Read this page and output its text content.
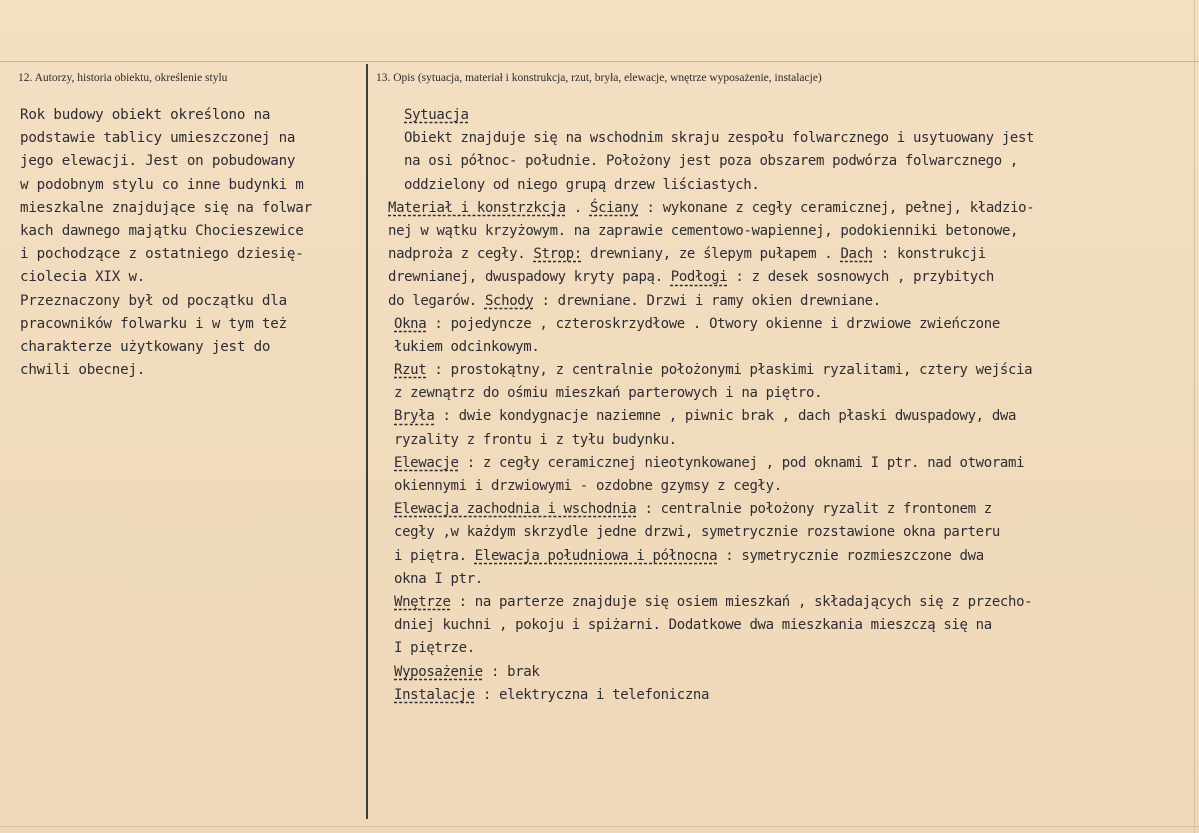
12. Autorzy, historia obiektu, określenie stylu	13. Opis (sytuacja, materiał i konstrukcja, rzut, bryła, elewacje, wnętrze wyposażenie, instalacje)
Rok budowy obiekt określono na
podstawie tablicy umieszczonej na
jego elewacji. Jest on pobudowany
w podobnym stylu co inne budynki m
mieszkalne znajdujące się na folwar
kach dawnego majątku Chocieszewice
i pochodzące z ostatniego dziesię-
ciolecia XIX w.
Przeznaczony był od początku dla
pracowników folwarku i w tym też
charakterze użytkowany jest do
chwili obecnej.
Sytuacja
Obiekt znajduje się na wschodnim skraju zespołu folwarcznego i usytuowany jest
na osi północ- południe. Położony jest poza obszarem podwórza folwarcznego ,
oddzielony od niego grupą drzew liściastych.
Materiał i konstrzkcja . Ściany : wykonane z cegły ceramicznej, pełnej, kładzio-
nej w wątku krzyżowym. na zaprawie cementowo-wapiennej, podokienniki betonowe,
nadproża z cegły. Strop: drewniany, ze ślepym pułapem . Dach : konstrukcji
drewnianej, dwuspadowy kryty papą. Podłogi : z desek sosnowych , przybitych
do legarów. Schody : drewniane. Drzwi i ramy okien drewniane.
Okna : pojedyncze , czteroskrzydłowe . Otwory okienne i drzwiowe zwieńczone
łukiem odcinkowym.
Rzut : prostokątny, z centralnie położonymi płaskimi ryzalitami, cztery wejścia
z zewnątrz do ośmiu mieszkań parterowych i na piętro.
Bryła : dwie kondygnacje naziemne , piwnic brak , dach płaski dwuspadowy, dwa
ryzality z frontu i z tyłu budynku.
Elewacje : z cegły ceramicznej nieotynkowanej , pod oknami I ptr. nad otworami
okiennymi i drzwiowymi - ozdobne gzymsy z cegły.
Elewacja zachodnia i wschodnia : centralnie położony ryzalit z frontonem z
cegły ,w każdym skrzydle jedne drzwi, symetrycznie rozstawione okna parteru
i piętra. Elewacja południowa i północna : symetrycznie rozmieszczone dwa
okna I ptr.
Wnętrze : na parterze znajduje się osiem mieszkań , składających się z przecho-
dniej kuchni , pokoju i spiżarni. Dodatkowe dwa mieszkania mieszczą się na
I piętrze.
Wyposażenie : brak
Instalacje : elektryczna i telefoniczna
